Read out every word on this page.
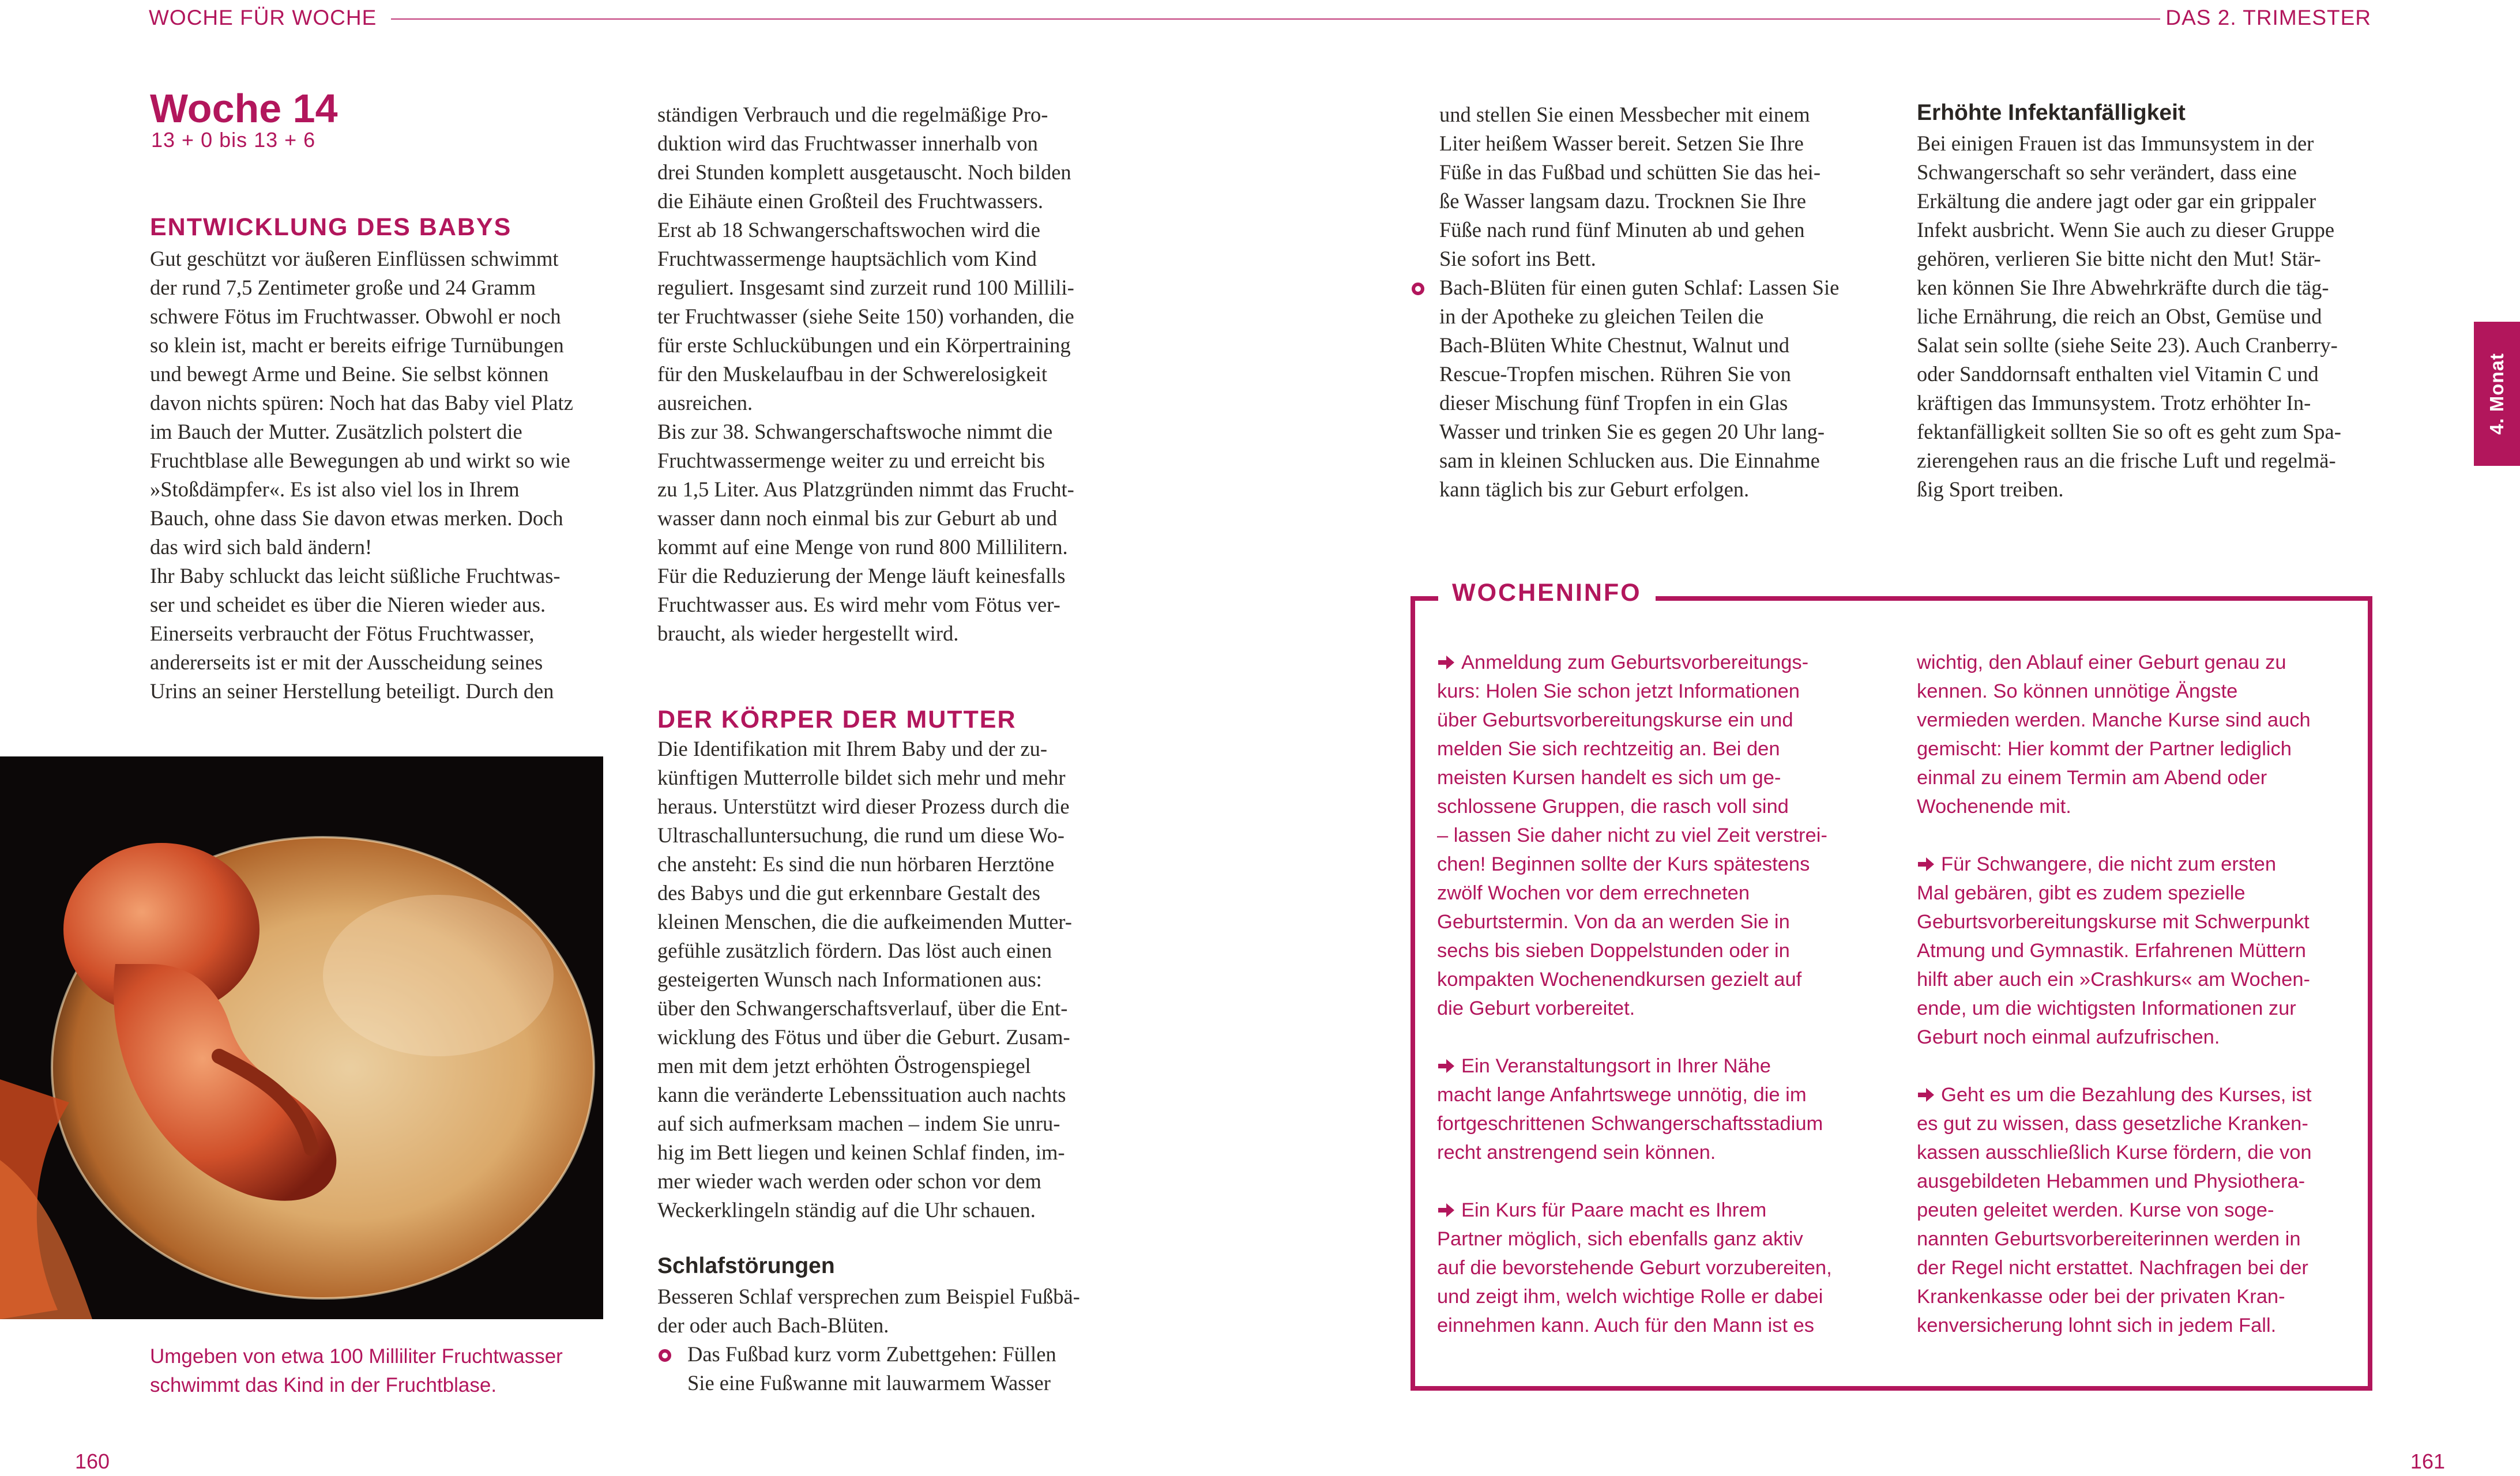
WOCHE FÜR WOCHE	DAS 2. TRIMESTER
Woche 14
13 + 0 bis 13 + 6
ENTWICKLUNG DES BABYS
Gut geschützt vor äußeren Einflüssen schwimmt
der rund 7,5 Zentimeter große und 24 Gramm
schwere Fötus im Fruchtwasser. Obwohl er noch
so klein ist, macht er bereits eifrige Turnübungen
und bewegt Arme und Beine. Sie selbst können
davon nichts spüren: Noch hat das Baby viel Platz
im Bauch der Mutter. Zusätzlich polstert die
Fruchtblase alle Bewegungen ab und wirkt so wie
»Stoßdämpfer«. Es ist also viel los in Ihrem
Bauch, ohne dass Sie davon etwas merken. Doch
das wird sich bald ändern!
Ihr Baby schluckt das leicht süßliche Fruchtwas-
ser und scheidet es über die Nieren wieder aus.
Einerseits verbraucht der Fötus Fruchtwasser,
andererseits ist er mit der Ausscheidung seines
Urins an seiner Herstellung beteiligt. Durch den
Umgeben von etwa 100 Milliliter Fruchtwasser
schwimmt das Kind in der Fruchtblase.
ständigen Verbrauch und die regelmäßige Pro-
duktion wird das Fruchtwasser innerhalb von
drei Stunden komplett ausgetauscht. Noch bilden
die Eihäute einen Großteil des Fruchtwassers.
Erst ab 18 Schwangerschaftswochen wird die
Fruchtwassermenge hauptsächlich vom Kind
reguliert. Insgesamt sind zurzeit rund 100 Millili-
ter Fruchtwasser (siehe Seite 150) vorhanden, die
für erste Schluckübungen und ein Körpertraining
für den Muskelaufbau in der Schwerelosigkeit
ausreichen.
Bis zur 38. Schwangerschaftswoche nimmt die
Fruchtwassermenge weiter zu und erreicht bis
zu 1,5 Liter. Aus Platzgründen nimmt das Frucht-
wasser dann noch einmal bis zur Geburt ab und
kommt auf eine Menge von rund 800 Millilitern.
Für die Reduzierung der Menge läuft keinesfalls
Fruchtwasser aus. Es wird mehr vom Fötus ver-
braucht, als wieder hergestellt wird.
DER KÖRPER DER MUTTER
Die Identifikation mit Ihrem Baby und der zu-
künftigen Mutterrolle bildet sich mehr und mehr
heraus. Unterstützt wird dieser Prozess durch die
Ultraschalluntersuchung, die rund um diese Wo-
che ansteht: Es sind die nun hörbaren Herztöne
des Babys und die gut erkennbare Gestalt des
kleinen Menschen, die die aufkeimenden Mutter-
gefühle zusätzlich fördern. Das löst auch einen
gesteigerten Wunsch nach Informationen aus:
über den Schwangerschaftsverlauf, über die Ent-
wicklung des Fötus und über die Geburt. Zusam-
men mit dem jetzt erhöhten Östrogenspiegel
kann die veränderte Lebenssituation auch nachts
auf sich aufmerksam machen – indem Sie unru-
hig im Bett liegen und keinen Schlaf finden, im-
mer wieder wach werden oder schon vor dem
Weckerklingeln ständig auf die Uhr schauen.
Schlafstörungen
Besseren Schlaf versprechen zum Beispiel Fußbä-
der oder auch Bach-Blüten.
Das Fußbad kurz vorm Zubettgehen: Füllen
Sie eine Fußwanne mit lauwarmem Wasser
und stellen Sie einen Messbecher mit einem
Liter heißem Wasser bereit. Setzen Sie Ihre
Füße in das Fußbad und schütten Sie das hei-
ße Wasser langsam dazu. Trocknen Sie Ihre
Füße nach rund fünf Minuten ab und gehen
Sie sofort ins Bett.
Bach-Blüten für einen guten Schlaf: Lassen Sie
in der Apotheke zu gleichen Teilen die
Bach-Blüten White Chestnut, Walnut und
Rescue-Tropfen mischen. Rühren Sie von
dieser Mischung fünf Tropfen in ein Glas
Wasser und trinken Sie es gegen 20 Uhr lang-
sam in kleinen Schlucken aus. Die Einnahme
kann täglich bis zur Geburt erfolgen.
Erhöhte Infektanfälligkeit
Bei einigen Frauen ist das Immunsystem in der
Schwangerschaft so sehr verändert, dass eine
Erkältung die andere jagt oder gar ein grippaler
Infekt ausbricht. Wenn Sie auch zu dieser Gruppe
gehören, verlieren Sie bitte nicht den Mut! Stär-
ken können Sie Ihre Abwehrkräfte durch die täg-
liche Ernährung, die reich an Obst, Gemüse und
Salat sein sollte (siehe Seite 23). Auch Cranberry-
oder Sanddornsaft enthalten viel Vitamin C und
kräftigen das Immunsystem. Trotz erhöhter In-
fektanfälligkeit sollten Sie so oft es geht zum Spa-
zierengehen raus an die frische Luft und regelmä-
ßig Sport treiben.
WOCHENINFO

Anmeldung zum Geburtsvorbereitungs-
kurs: Holen Sie schon jetzt Informationen
über Geburtsvorbereitungskurse ein und
melden Sie sich rechtzeitig an. Bei den
meisten Kursen handelt es sich um ge-
schlossene Gruppen, die rasch voll sind
– lassen Sie daher nicht zu viel Zeit verstrei-
chen! Beginnen sollte der Kurs spätestens
zwölf Wochen vor dem errechneten
Geburtstermin. Von da an werden Sie in
sechs bis sieben Doppelstunden oder in
kompakten Wochenendkursen gezielt auf
die Geburt vorbereitet.

Ein Veranstaltungsort in Ihrer Nähe
macht lange Anfahrtswege unnötig, die im
fortgeschrittenen Schwangerschaftsstadium
recht anstrengend sein können.

Ein Kurs für Paare macht es Ihrem
Partner möglich, sich ebenfalls ganz aktiv
auf die bevorstehende Geburt vorzubereiten,
und zeigt ihm, welch wichtige Rolle er dabei
einnehmen kann. Auch für den Mann ist es

wichtig, den Ablauf einer Geburt genau zu
kennen. So können unnötige Ängste
vermieden werden. Manche Kurse sind auch
gemischt: Hier kommt der Partner lediglich
einmal zu einem Termin am Abend oder
Wochenende mit.

Für Schwangere, die nicht zum ersten
Mal gebären, gibt es zudem spezielle
Geburtsvorbereitungskurse mit Schwerpunkt
Atmung und Gymnastik. Erfahrenen Müttern
hilft aber auch ein »Crashkurs« am Wochen-
ende, um die wichtigsten Informationen zur
Geburt noch einmal aufzufrischen.

Geht es um die Bezahlung des Kurses, ist
es gut zu wissen, dass gesetzliche Kranken-
kassen ausschließlich Kurse fördern, die von
ausgebildeten Hebammen und Physiothera-
peuten geleitet werden. Kurse von soge-
nannten Geburtsvorbereiterinnen werden in
der Regel nicht erstattet. Nachfragen bei der
Krankenkasse oder bei der privaten Kran-
kenversicherung lohnt sich in jedem Fall.

4. Monat
160	161
